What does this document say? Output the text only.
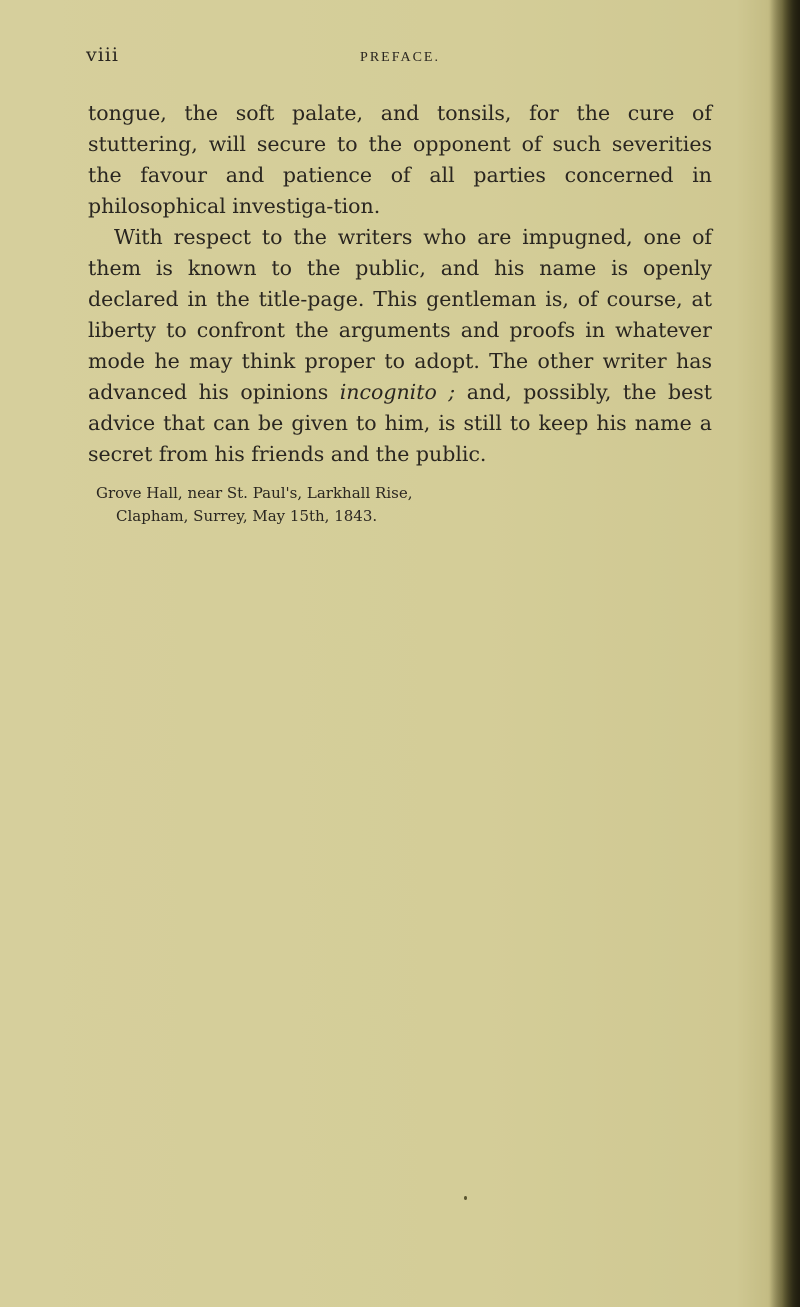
viii	PREFACE.

tongue, the soft palate, and tonsils, for the cure of stuttering, will secure to the opponent of such severities the favour and patience of all parties concerned in philosophical investiga-tion.

With respect to the writers who are impugned, one of them is known to the public, and his name is openly declared in the title-page. This gentleman is, of course, at liberty to confront the arguments and proofs in whatever mode he may think proper to adopt. The other writer has advanced his opinions incognito ; and, possibly, the best advice that can be given to him, is still to keep his name a secret from his friends and the public.

Grove Hall, near St. Paul's, Larkhall Rise,
Clapham, Surrey, May 15th, 1843.
